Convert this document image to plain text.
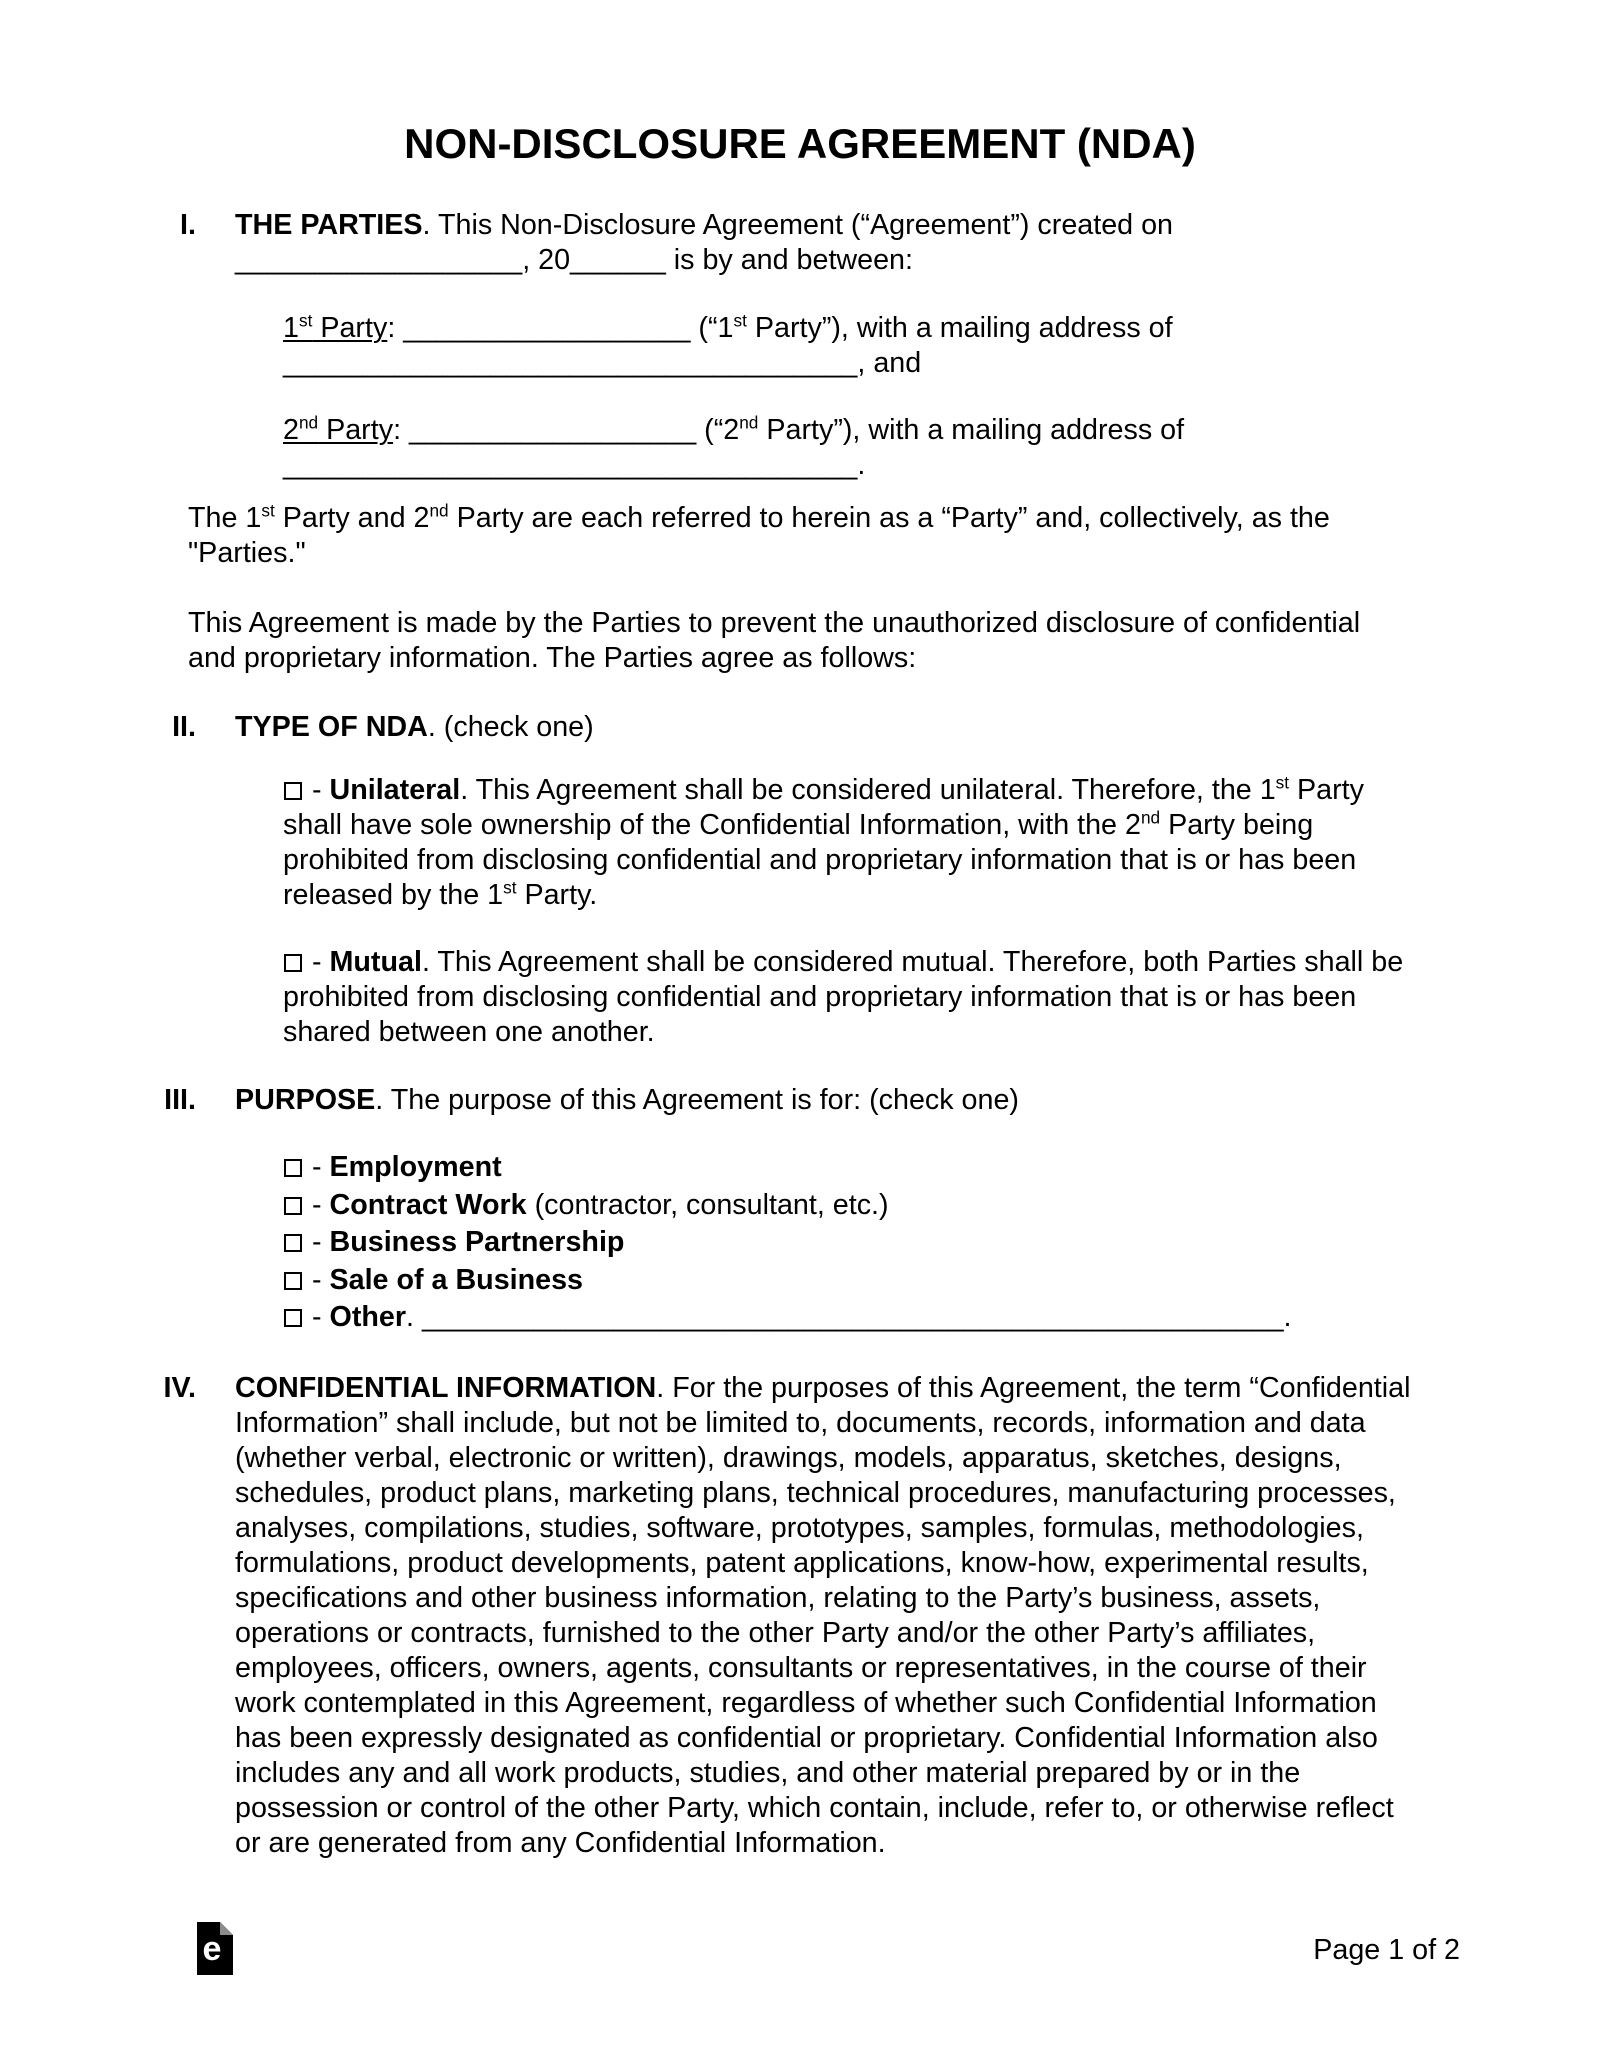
NON-DISCLOSURE AGREEMENT (NDA)
I. THE PARTIES. This Non-Disclosure Agreement (“Agreement”) created on __________________, 20______ is by and between:

1st Party: __________________ (“1st Party”), with a mailing address of ____________________________________, and

2nd Party: __________________ (“2nd Party”), with a mailing address of ____________________________________.

The 1st Party and 2nd Party are each referred to herein as a “Party” and, collectively, as the "Parties."

This Agreement is made by the Parties to prevent the unauthorized disclosure of confidential and proprietary information. The Parties agree as follows:

II. TYPE OF NDA. (check one)

- Unilateral. This Agreement shall be considered unilateral. Therefore, the 1st Party shall have sole ownership of the Confidential Information, with the 2nd Party being prohibited from disclosing confidential and proprietary information that is or has been released by the 1st Party.

- Mutual. This Agreement shall be considered mutual. Therefore, both Parties shall be prohibited from disclosing confidential and proprietary information that is or has been shared between one another.

III. PURPOSE. The purpose of this Agreement is for: (check one)

- Employment

- Contract Work (contractor, consultant, etc.)

- Business Partnership

- Sale of a Business

- Other. ______________________________________________________.

IV. CONFIDENTIAL INFORMATION. For the purposes of this Agreement, the term “Confidential Information” shall include, but not be limited to, documents, records, information and data (whether verbal, electronic or written), drawings, models, apparatus, sketches, designs, schedules, product plans, marketing plans, technical procedures, manufacturing processes, analyses, compilations, studies, software, prototypes, samples, formulas, methodologies, formulations, product developments, patent applications, know-how, experimental results, specifications and other business information, relating to the Party’s business, assets, operations or contracts, furnished to the other Party and/or the other Party’s affiliates, employees, officers, owners, agents, consultants or representatives, in the course of their work contemplated in this Agreement, regardless of whether such Confidential Information has been expressly designated as confidential or proprietary. Confidential Information also includes any and all work products, studies, and other material prepared by or in the possession or control of the other Party, which contain, include, refer to, or otherwise reflect or are generated from any Confidential Information.

e	Page 1 of 2
